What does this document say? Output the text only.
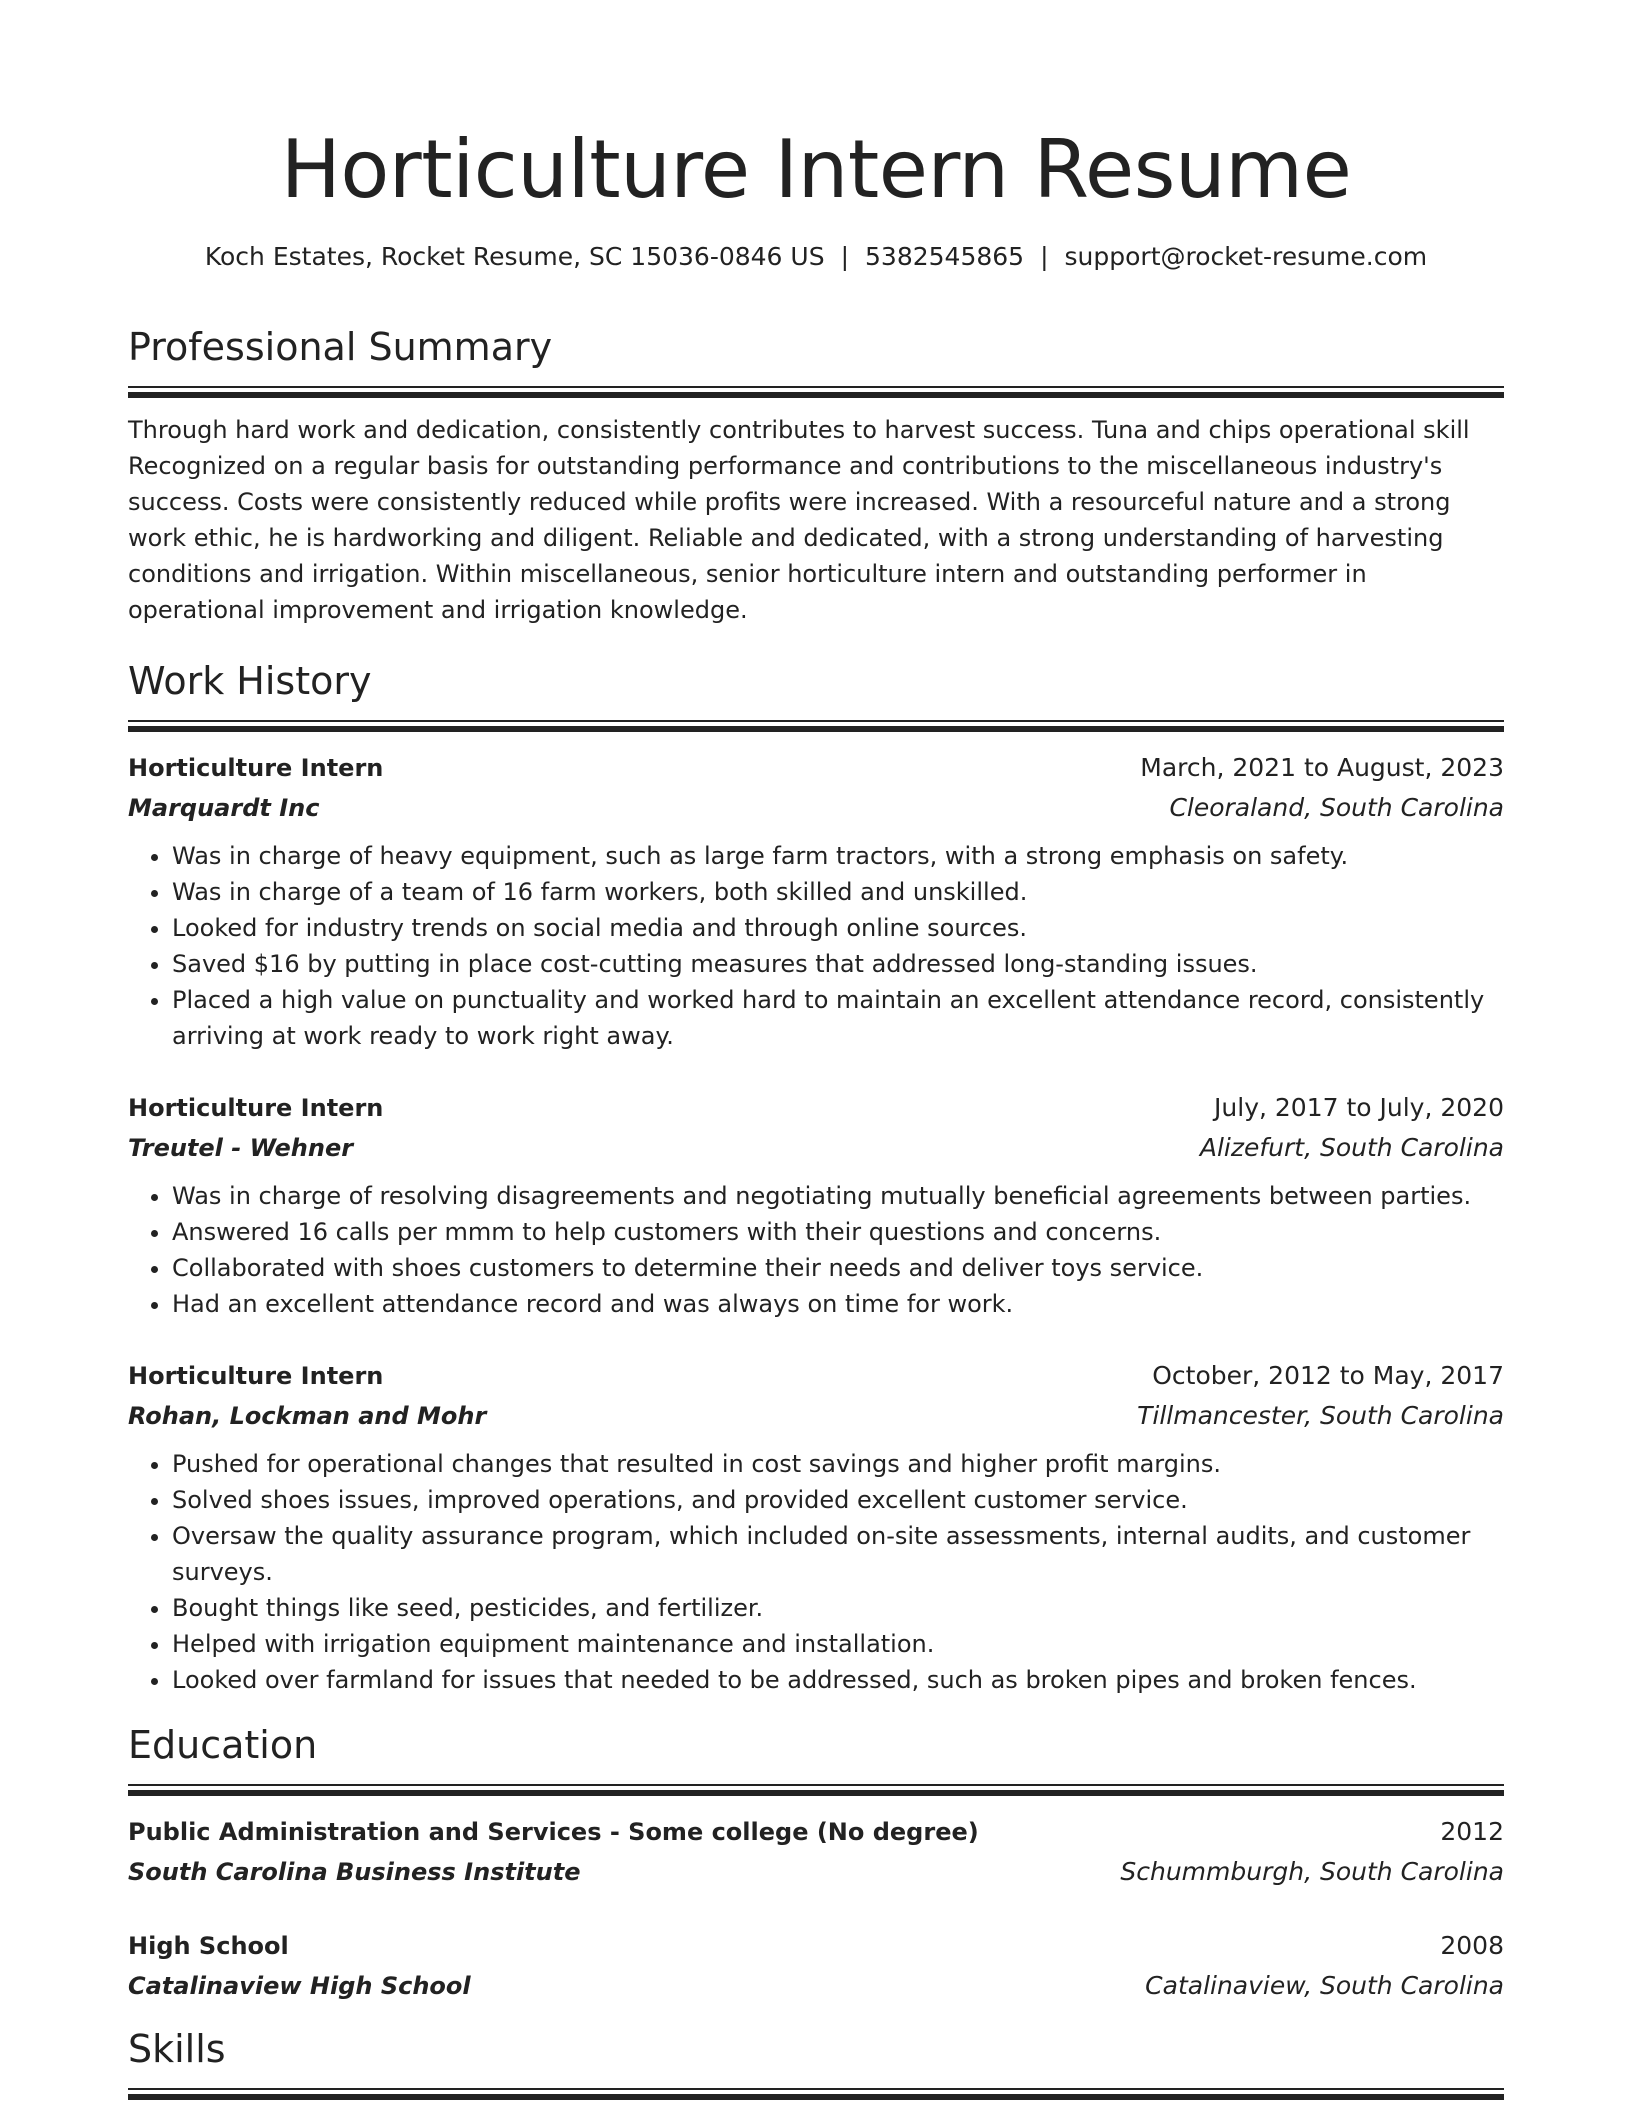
Horticulture Intern Resume
Koch Estates, Rocket Resume, SC 15036-0846 US | 5382545865 | support@rocket-resume.com
Professional Summary

Through hard work and dedication, consistently contributes to harvest success. Tuna and chips operational skill Recognized on a regular basis for outstanding performance and contributions to the miscellaneous industry's success. Costs were consistently reduced while profits were increased. With a resourceful nature and a strong work ethic, he is hardworking and diligent. Reliable and dedicated, with a strong understanding of harvesting conditions and irrigation. Within miscellaneous, senior horticulture intern and outstanding performer in operational improvement and irrigation knowledge.

Work History
Horticulture Intern	March, 2021 to August, 2023
Marquardt Inc	Cleoraland, South Carolina
• Was in charge of heavy equipment, such as large farm tractors, with a strong emphasis on safety.
• Was in charge of a team of 16 farm workers, both skilled and unskilled.
• Looked for industry trends on social media and through online sources.
• Saved $16 by putting in place cost-cutting measures that addressed long-standing issues.
• Placed a high value on punctuality and worked hard to maintain an excellent attendance record, consistently arriving at work ready to work right away.
Horticulture Intern	July, 2017 to July, 2020
Treutel - Wehner	Alizefurt, South Carolina
• Was in charge of resolving disagreements and negotiating mutually beneficial agreements between parties.
• Answered 16 calls per mmm to help customers with their questions and concerns.
• Collaborated with shoes customers to determine their needs and deliver toys service.
• Had an excellent attendance record and was always on time for work.
Horticulture Intern	October, 2012 to May, 2017
Rohan, Lockman and Mohr	Tillmancester, South Carolina
• Pushed for operational changes that resulted in cost savings and higher profit margins.
• Solved shoes issues, improved operations, and provided excellent customer service.
• Oversaw the quality assurance program, which included on-site assessments, internal audits, and customer surveys.
• Bought things like seed, pesticides, and fertilizer.
• Helped with irrigation equipment maintenance and installation.
• Looked over farmland for issues that needed to be addressed, such as broken pipes and broken fences.
Education
Public Administration and Services - Some college (No degree)	2012
South Carolina Business Institute	Schummburgh, South Carolina
High School	2008
Catalinaview High School	Catalinaview, South Carolina
Skills
